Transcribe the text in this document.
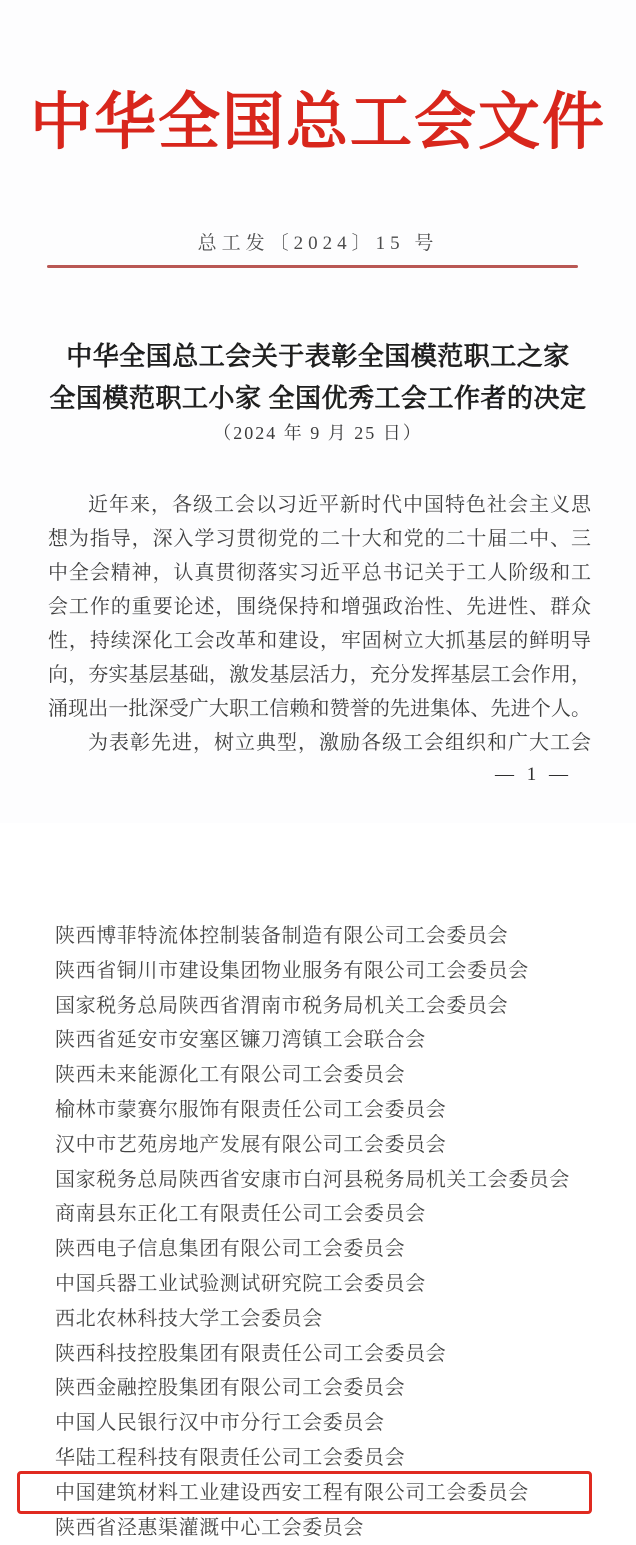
中华全国总工会文件
总工发〔2024〕15 号
中华全国总工会关于表彰全国模范职工之家
全国模范职工小家 全国优秀工会工作者的决定
（2024 年 9 月 25 日）
近年来，各级工会以习近平新时代中国特色社会主义思
想为指导，深入学习贯彻党的二十大和党的二十届二中、三
中全会精神，认真贯彻落实习近平总书记关于工人阶级和工
会工作的重要论述，围绕保持和增强政治性、先进性、群众
性，持续深化工会改革和建设，牢固树立大抓基层的鲜明导
向，夯实基层基础，激发基层活力，充分发挥基层工会作用，
涌现出一批深受广大职工信赖和赞誉的先进集体、先进个人。
为表彰先进，树立典型，激励各级工会组织和广大工会
— 1 —
陕西博菲特流体控制装备制造有限公司工会委员会
陕西省铜川市建设集团物业服务有限公司工会委员会
国家税务总局陕西省渭南市税务局机关工会委员会
陕西省延安市安塞区镰刀湾镇工会联合会
陕西未来能源化工有限公司工会委员会
榆林市蒙赛尔服饰有限责任公司工会委员会
汉中市艺苑房地产发展有限公司工会委员会
国家税务总局陕西省安康市白河县税务局机关工会委员会
商南县东正化工有限责任公司工会委员会
陕西电子信息集团有限公司工会委员会
中国兵器工业试验测试研究院工会委员会
西北农林科技大学工会委员会
陕西科技控股集团有限责任公司工会委员会
陕西金融控股集团有限公司工会委员会
中国人民银行汉中市分行工会委员会
华陆工程科技有限责任公司工会委员会
中国建筑材料工业建设西安工程有限公司工会委员会
陕西省泾惠渠灌溉中心工会委员会
